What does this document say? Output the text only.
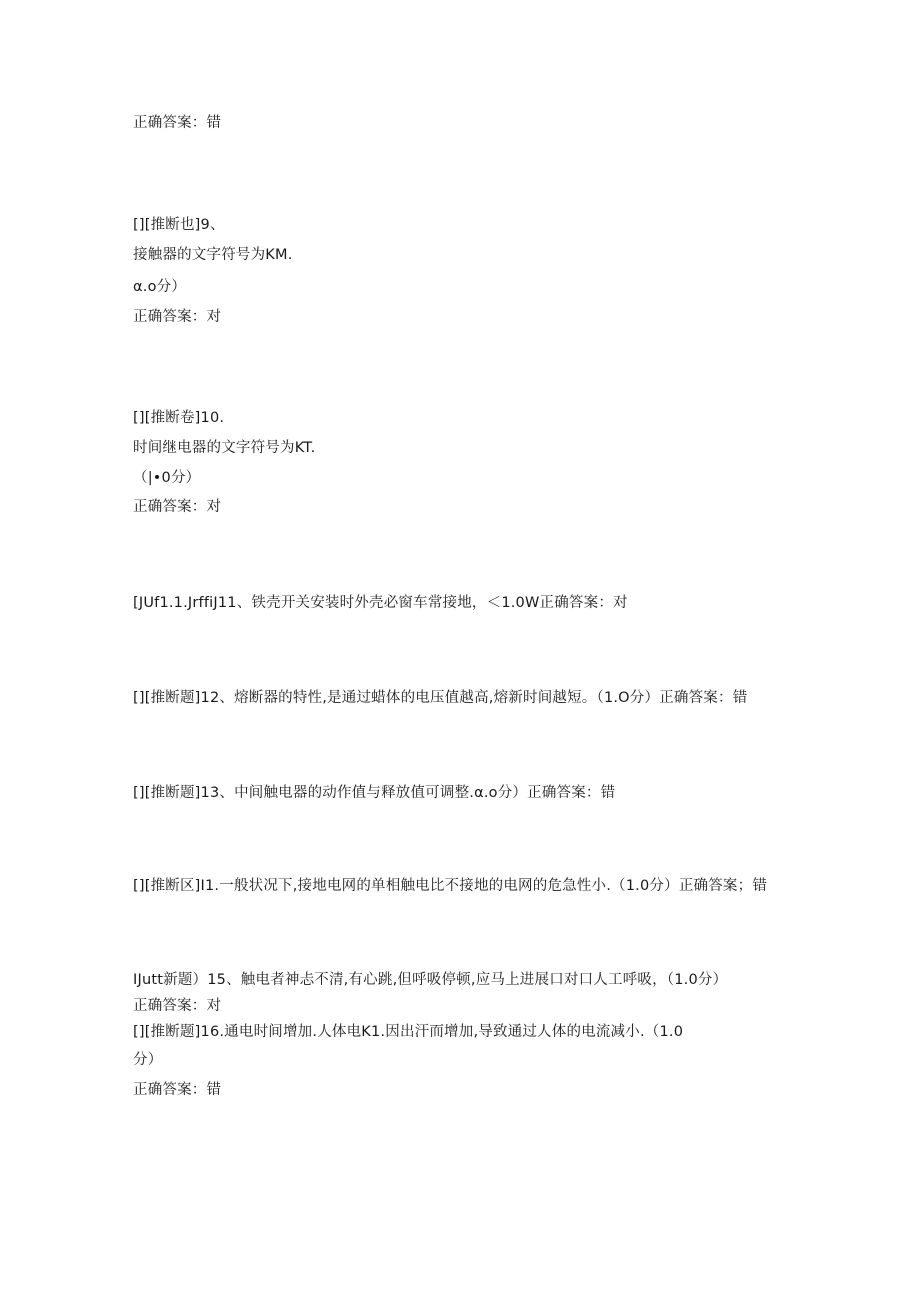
正确答案：错
[][推断也]9、
接触器的文字符号为KM.
α.o分）
正确答案：对
[][推断卷]10.
时间继电器的文字符号为KT.
（|•0分）
正确答案：对
[JUf1.1.JrffiJ11、铁壳开关安装时外壳必窗车常接地，＜1.0W正确答案：对
[][推断题]12、熔断器的特性,是通过蜡体的电压值越高,熔新时间越短。（1.O分）正确答案：错
[][推断题]13、中间触电器的动作值与释放值可调整.α.o分）正确答案：错
[][推断区]I1.一般状况下,接地电网的单相触电比不接地的电网的危急性小.（1.0分）正确答案；错
IJutt新题）15、触电者神忐不清,有心跳,但呼吸停顿,应马上进展口对口人工呼吸，（1.0分）
正确答案：对
[][推断题]16.通电时间增加.人体电K1.因出汗而增加,导致通过人体的电流减小.（1.0
分）
正确答案：错
